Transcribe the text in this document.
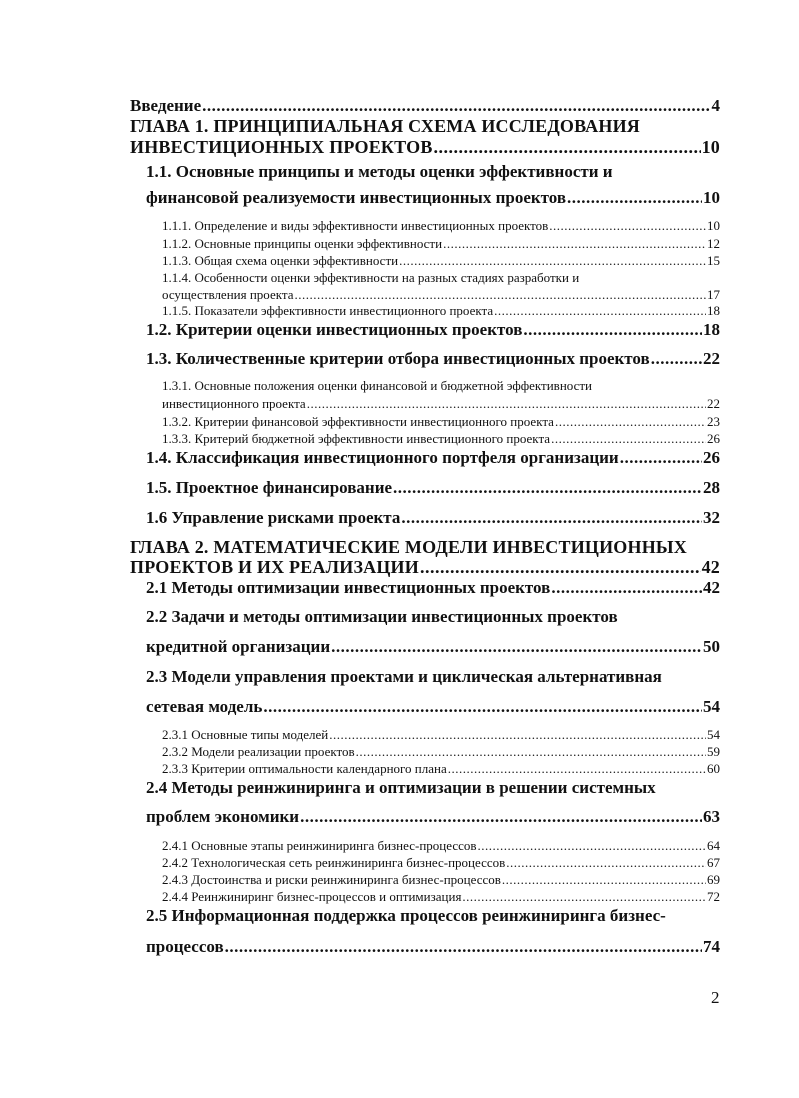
Введение .....	4
ГЛАВА 1. ПРИНЦИПИАЛЬНАЯ СХЕМА ИССЛЕДОВАНИЯ
ИНВЕСТИЦИОННЫХ ПРОЕКТОВ .....	10
1.1. Основные принципы и методы оценки эффективности и
финансовой реализуемости инвестиционных проектов .....	10
1.1.1. Определение и виды эффективности инвестиционных проектов .....	10
1.1.2. Основные принципы оценки эффективности .....	12
1.1.3. Общая схема оценки эффективности .....	15
1.1.4. Особенности оценки эффективности на разных стадиях разработки и
осуществления проекта .....	17
1.1.5. Показатели эффективности инвестиционного проекта .....	18
1.2. Критерии оценки инвестиционных проектов .....	18
1.3. Количественные критерии отбора инвестиционных проектов .....	22
1.3.1. Основные положения оценки финансовой и бюджетной эффективности
инвестиционного проекта .....	22
1.3.2. Критерии финансовой эффективности инвестиционного проекта .....	23
1.3.3. Критерий бюджетной эффективности инвестиционного проекта .....	26
1.4. Классификация инвестиционного портфеля организации .....	26
1.5. Проектное финансирование .....	28
1.6 Управление рисками проекта .....	32
ГЛАВА 2. МАТЕМАТИЧЕСКИЕ МОДЕЛИ ИНВЕСТИЦИОННЫХ
ПРОЕКТОВ И ИХ РЕАЛИЗАЦИИ .....	42
2.1 Методы оптимизации инвестиционных проектов .....	42
2.2 Задачи и методы оптимизации инвестиционных проектов
кредитной организации .....	50
2.3 Модели управления проектами и циклическая альтернативная
сетевая модель .....	54
2.3.1 Основные типы моделей .....	54
2.3.2 Модели реализации проектов .....	59
2.3.3 Критерии оптимальности календарного плана .....	60
2.4 Методы реинжиниринга и оптимизации в решении системных
проблем экономики .....	63
2.4.1 Основные этапы реинжиниринга бизнес-процессов .....	64
2.4.2 Технологическая сеть реинжиниринга бизнес-процессов .....	67
2.4.3 Достоинства и риски реинжиниринга бизнес-процессов .....	69
2.4.4 Реинжиниринг бизнес-процессов и оптимизация .....	72
2.5 Информационная поддержка процессов реинжиниринга бизнес-
процессов .....	74
2
